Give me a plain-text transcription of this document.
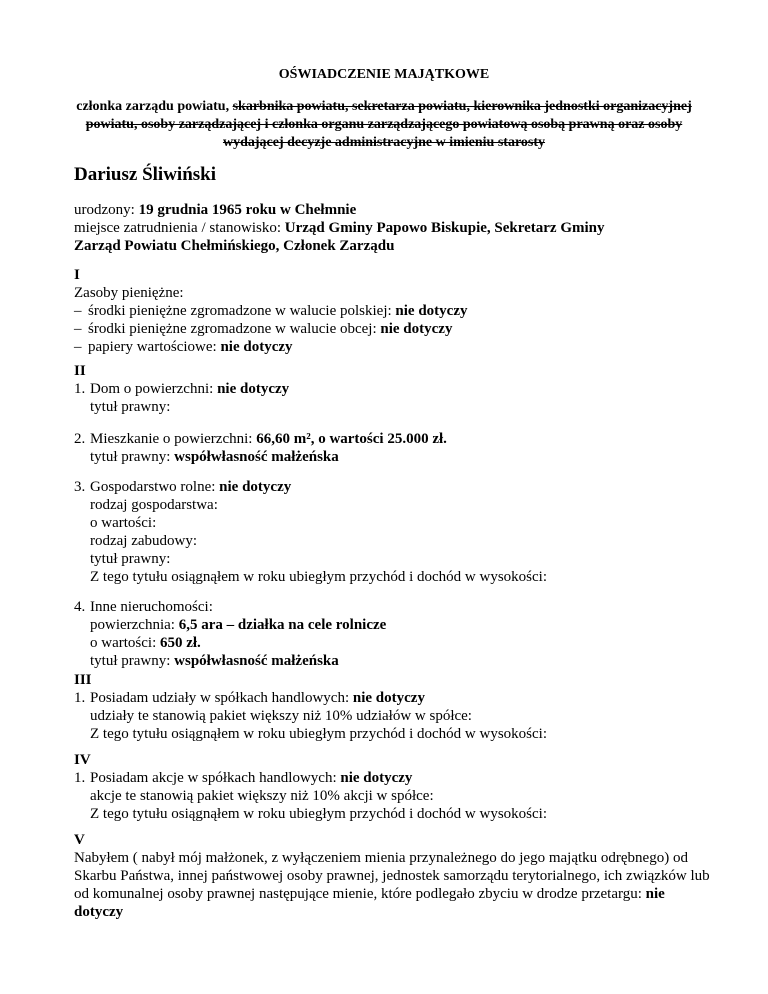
OŚWIADCZENIE MAJĄTKOWE
członka zarządu powiatu, skarbnika powiatu, sekretarza powiatu, kierownika jednostki organizacyjnej powiatu, osoby zarządzającej i członka organu zarządzającego powiatową osobą prawną oraz osoby wydającej decyzje administracyjne w imieniu starosty
Dariusz Śliwiński
urodzony: 19 grudnia 1965 roku w Chełmnie
miejsce zatrudnienia / stanowisko: Urząd Gminy Papowo Biskupie, Sekretarz Gminy
Zarząd Powiatu Chełmińskiego, Członek Zarządu
I
Zasoby pieniężne:
– środki pieniężne zgromadzone w walucie polskiej: nie dotyczy
– środki pieniężne zgromadzone w walucie obcej: nie dotyczy
– papiery wartościowe: nie dotyczy
II
1. Dom o powierzchni: nie dotyczy
tytuł prawny:
2. Mieszkanie o powierzchni: 66,60 m², o wartości 25.000 zł.
tytuł prawny: współwłasność małżeńska
3. Gospodarstwo rolne: nie dotyczy
rodzaj gospodarstwa:
o wartości:
rodzaj zabudowy:
tytuł prawny:
Z tego tytułu osiągnąłem w roku ubiegłym przychód i dochód w wysokości:
4. Inne nieruchomości:
powierzchnia: 6,5 ara – działka na cele rolnicze
o wartości: 650 zł.
tytuł prawny: współwłasność małżeńska
III
1. Posiadam udziały w spółkach handlowych: nie dotyczy
udziały te stanowią pakiet większy niż 10% udziałów w spółce:
Z tego tytułu osiągnąłem w roku ubiegłym przychód i dochód w wysokości:
IV
1. Posiadam akcje w spółkach handlowych: nie dotyczy
akcje te stanowią pakiet większy niż 10% akcji w spółce:
Z tego tytułu osiągnąłem w roku ubiegłym przychód i dochód w wysokości:
V
Nabyłem ( nabył mój małżonek, z wyłączeniem mienia przynależnego do jego majątku odrębnego) od Skarbu Państwa, innej państwowej osoby prawnej, jednostek samorządu terytorialnego, ich związków lub od komunalnej osoby prawnej następujące mienie, które podlegało zbyciu w drodze przetargu: nie dotyczy
